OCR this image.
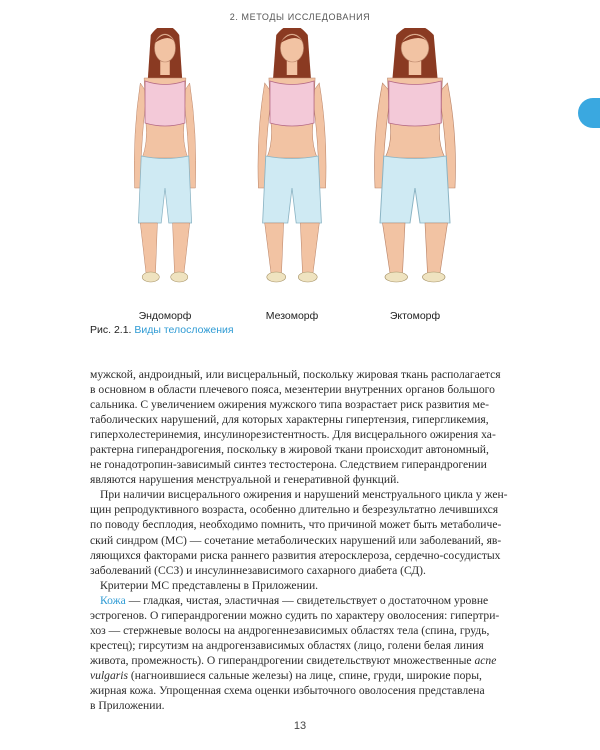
2. МЕТОДЫ ИССЛЕДОВАНИЯ
Эндоморф	Мезоморф	Эктоморф
Рис. 2.1. Виды телосложения
мужской, андроидный, или висцеральный, поскольку жировая ткань располагается
в основном в области плечевого пояса, мезентерии внутренних органов большого
сальника. С увеличением ожирения мужского типа возрастает риск развития ме-
таболических нарушений, для которых характерны гипертензия, гипергликемия,
гиперхолестеринемия, инсулинорезистентность. Для висцерального ожирения ха-
рактерна гиперандрогения, поскольку в жировой ткани происходит автономный,
не гонадотропин-зависимый синтез тестостерона. Следствием гиперандрогении
являются нарушения менструальной и генеративной функций.
При наличии висцерального ожирения и нарушений менструального цикла у жен-
щин репродуктивного возраста, особенно длительно и безрезультатно лечившихся
по поводу бесплодия, необходимо помнить, что причиной может быть метаболиче-
ский синдром (МС) — сочетание метаболических нарушений или заболеваний, яв-
ляющихся факторами риска раннего развития атеросклероза, сердечно-сосудистых
заболеваний (ССЗ) и инсулиннезависимого сахарного диабета (СД).
Критерии МС представлены в Приложении.
Кожа — гладкая, чистая, эластичная — свидетельствует о достаточном уровне
эстрогенов. О гиперандрогении можно судить по характеру оволосения: гипертри-
хоз — стержневые волосы на андрогеннезависимых областях тела (спина, грудь,
крестец); гирсутизм на андрогензависимых областях (лицо, голени белая линия
живота, промежность). О гиперандрогении свидетельствуют множественные acne
vulgaris (нагноившиеся сальные железы) на лице, спине, груди, широкие поры,
жирная кожа. Упрощенная схема оценки избыточного оволосения представлена
в Приложении.
13
